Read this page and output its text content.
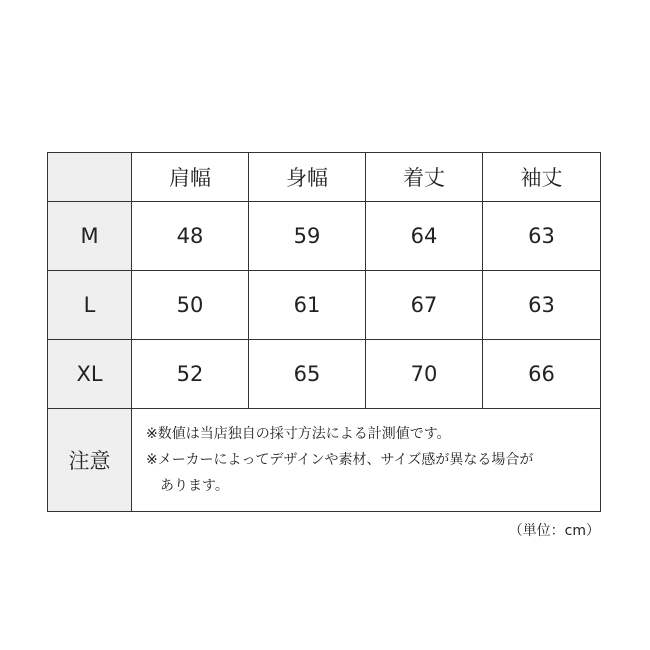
	肩幅	身幅	着丈	袖丈
M	48	59	64	63
L	50	61	67	63
XL	52	65	70	66
注意	※数値は当店独自の採寸方法による計測値です。
※メーカーによってデザインや素材、サイズ感が異なる場合が
あります。			
（単位：cm）
